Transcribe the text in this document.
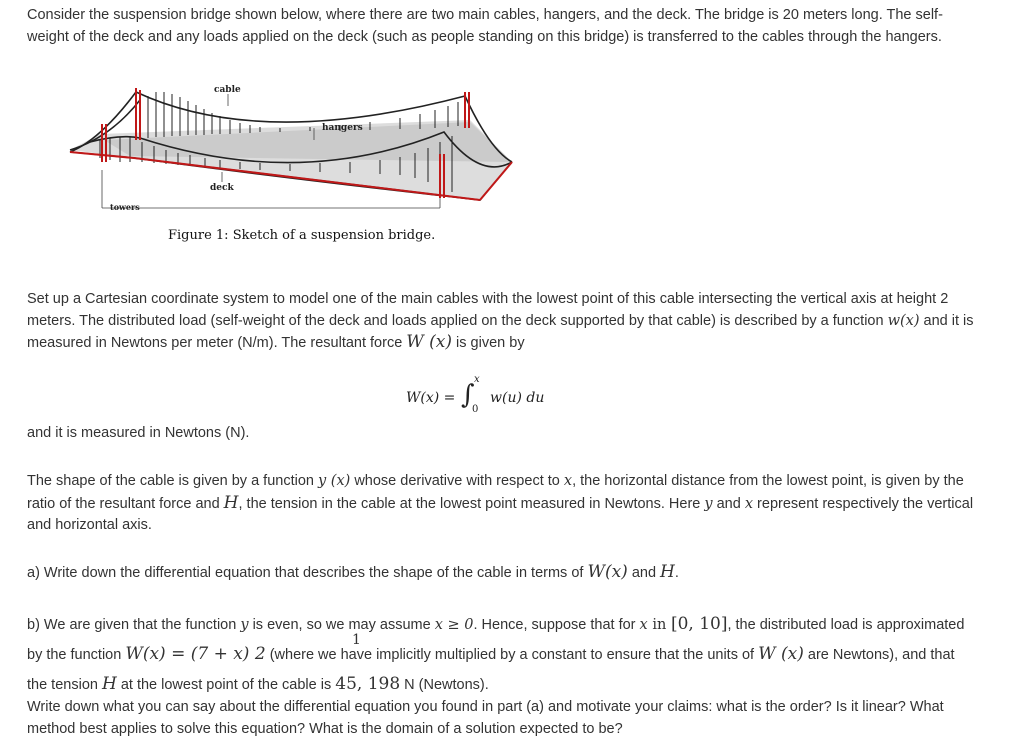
Consider the suspension bridge shown below, where there are two main cables, hangers, and the deck. The bridge is 20 meters long. The self-weight of the deck and any loads applied on the deck (such as people standing on this bridge) is transferred to the cables through the hangers.

cable
hangers
deck
towers
Figure 1: Sketch of a suspension bridge.

Set up a Cartesian coordinate system to model one of the main cables with the lowest point of this cable intersecting the vertical axis at height 2 meters. The distributed load (self-weight of the deck and loads applied on the deck supported by that cable) is described by a function w(x) and it is measured in Newtons per meter (N/m). The resultant force W (x) is given by

W(x) = ∫
x
0
w(u) du

and it is measured in Newtons (N).

The shape of the cable is given by a function y (x) whose derivative with respect to x, the horizontal distance from the lowest point, is given by the ratio of the resultant force and H, the tension in the cable at the lowest point measured in Newtons. Here y and x represent respectively the vertical and horizontal axis.

a) Write down the differential equation that describes the shape of the cable in terms of W(x) and H.

b) We are given that the function y is even, so we may assume x ≥ 0. Hence, suppose that for x in [0, 10], the distributed load is approximated by the function W(x) = (7 + x) 2 (where we have implicitly multiplied by a constant to ensure that the units of W (x) are Newtons), and that the tension H at the lowest point of the cable is 45, 198 N (Newtons).

1

Write down what you can say about the differential equation you found in part (a) and motivate your claims: what is the order? Is it linear? What method best applies to solve this equation? What is the domain of a solution expected to be?
